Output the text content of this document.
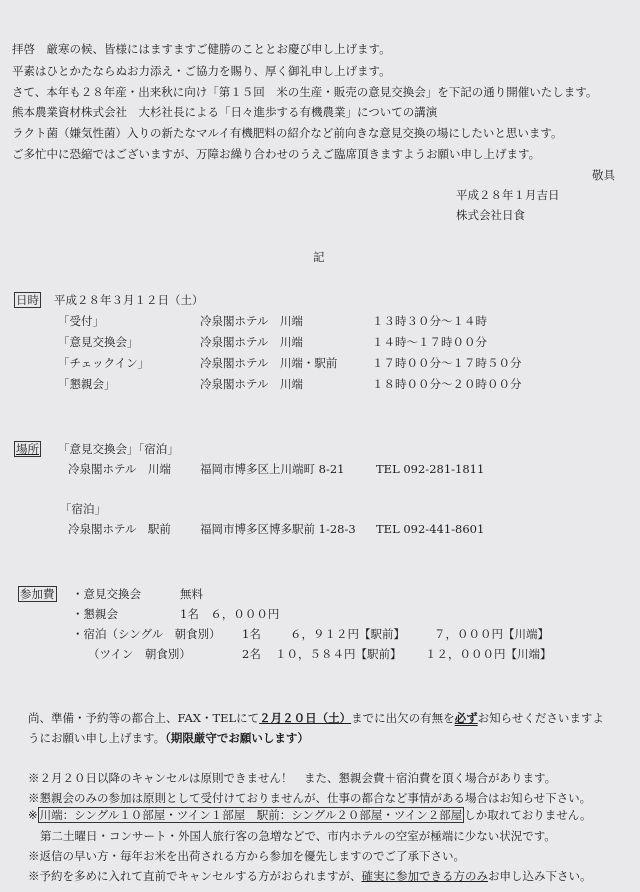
拝啓　厳寒の候、皆様にはますますご健勝のこととお慶び申し上げます。
平素はひとかたならぬお力添え・ご協力を賜り、厚く御礼申し上げます。
さて、本年も２８年産・出来秋に向け「第１５回　米の生産・販売の意見交換会」を下記の通り開催いたします。
熊本農業資材株式会社　大杉社長による「日々進歩する有機農業」についての講演
ラクト菌（嫌気性菌）入りの新たなマルイ有機肥料の紹介など前向きな意見交換の場にしたいと思います。
ご多忙中に恐縮ではございますが、万障お繰り合わせのうえご臨席頂きますようお願い申し上げます。
敬具
平成２８年１月吉日
株式会社日食
記
日時 平成２８年３月１２日（土）
「受付」	冷泉閣ホテル　川端	１３時３０分～１４時
「意見交換会」	冷泉閣ホテル　川端	１４時～１７時００分
「チェックイン」	冷泉閣ホテル　川端・駅前	１７時００分～１７時５０分
「懇親会」	冷泉閣ホテル　川端	１８時００分～２０時００分
場所 「意見交換会」「宿泊」
冷泉閣ホテル　川端	福岡市博多区上川端町 8-21	TEL 092-281-1811
「宿泊」
冷泉閣ホテル　駅前	福岡市博多区博多駅前 1-28-3 TEL 092-441-8601
参加費 ・意見交換会	無料
・懇親会	1名　６，０００円
・宿泊（シングル　朝食別） 1名	６，９１２円【駅前】	７，０００円【川端】
（ツイン　朝食別）	2名 １０，５８４円【駅前】 １２，０００円【川端】
尚、準備・予約等の都合上、FAX・TELにて２月２０日（土）までに出欠の有無を必ずお知らせくださいますよ
うにお願い申し上げます。（期限厳守でお願いします）
※２月２０日以降のキャンセルは原則できません！　また、懇親会費＋宿泊費を頂く場合があります。
※懇親会のみの参加は原則として受付けておりませんが、仕事の都合など事情がある場合はお知らせ下さい。
※ 川端：シングル１０部屋・ツイン１部屋　駅前：シングル２０部屋・ツイン２部屋 しか取れておりません。
第二土曜日・コンサート・外国人旅行客の急増などで、市内ホテルの空室が極端に少ない状況です。
※返信の早い方・毎年お米を出荷される方から参加を優先しますのでご了承下さい。
※予約を多めに入れて直前でキャンセルする方がおられますが、確実に参加できる方のみお申し込み下さい。
